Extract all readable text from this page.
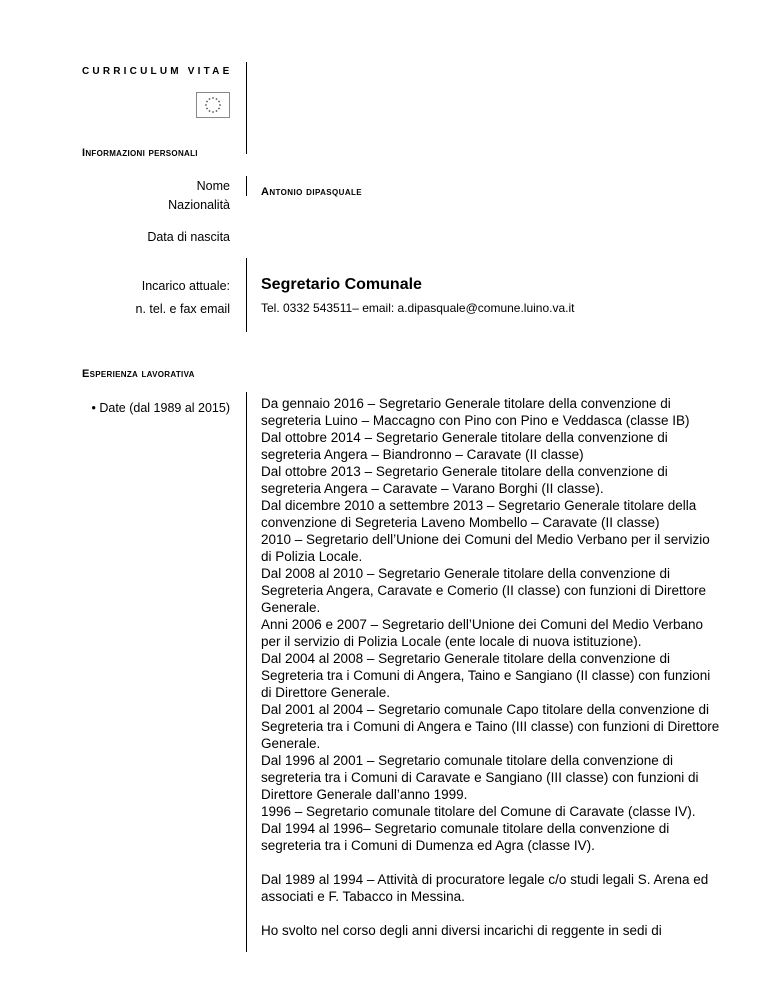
CURRICULUM VITAE
Informazioni personali
Nome	Antonio dipasquale
Nazionalità
Data di nascita
Incarico attuale: Segretario Comunale
n. tel. e fax email	Tel. 0332 543511– email: a.dipasquale@comune.luino.va.it
Esperienza lavorativa
• Date (dal 1989 al 2015) Da gennaio 2016 – Segretario Generale titolare della convenzione di segreteria Luino – Maccagno con Pino con Pino e Veddasca (classe IB)

Dal ottobre 2014 – Segretario Generale titolare della convenzione di segreteria Angera – Biandronno – Caravate (II classe)

Dal ottobre 2013 – Segretario Generale titolare della convenzione di segreteria Angera – Caravate – Varano Borghi (II classe).

Dal dicembre 2010 a settembre 2013 – Segretario Generale titolare della convenzione di Segreteria Laveno Mombello – Caravate (II classe)

2010 – Segretario dell’Unione dei Comuni del Medio Verbano per il servizio di Polizia Locale.

Dal 2008 al 2010 – Segretario Generale titolare della convenzione di Segreteria Angera, Caravate e Comerio (II classe) con funzioni di Direttore Generale.

Anni 2006 e 2007 – Segretario dell’Unione dei Comuni del Medio Verbano per il servizio di Polizia Locale (ente locale di nuova istituzione).

Dal 2004 al 2008 – Segretario Generale titolare della convenzione di Segreteria tra i Comuni di Angera, Taino e Sangiano (II classe) con funzioni di Direttore Generale.

Dal 2001 al 2004 – Segretario comunale Capo titolare della convenzione di Segreteria tra i Comuni di Angera e Taino (III classe) con funzioni di Direttore Generale.

Dal 1996 al 2001 – Segretario comunale titolare della convenzione di segreteria tra i Comuni di Caravate e Sangiano (III classe) con funzioni di Direttore Generale dall’anno 1999.

1996 – Segretario comunale titolare del Comune di Caravate (classe IV).

Dal 1994 al 1996– Segretario comunale titolare della convenzione di segreteria tra i Comuni di Dumenza ed Agra (classe IV).

Dal 1989 al 1994 – Attività di procuratore legale c/o studi legali S. Arena ed associati e F. Tabacco in Messina.

Ho svolto nel corso degli anni diversi incarichi di reggente in sedi di
